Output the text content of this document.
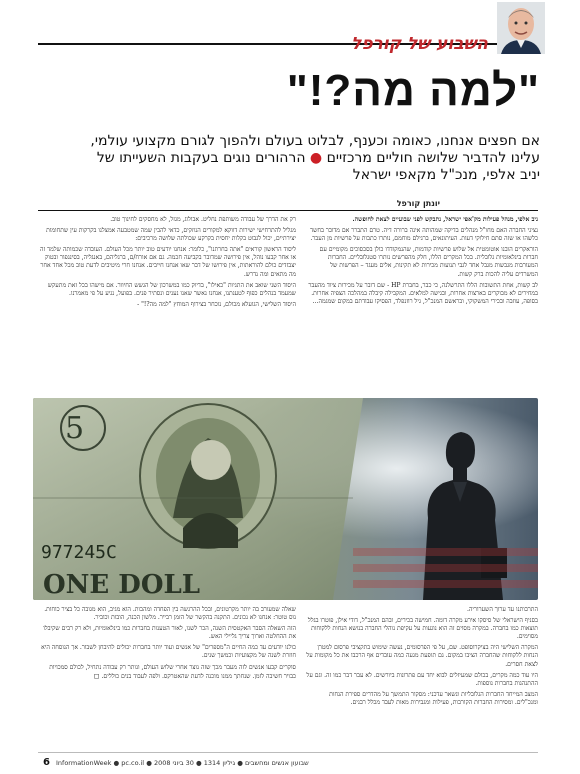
השבוע של קורפל
"למה מה?!"
אם חפצים אנחנו, כאומה וכענף, לבלוט בעולם ולהפוך לגורם מקצועי עולמי,
עלינו להדביר שלושה חוליים מרכזיים ● הרהורים נוגים בעקבות השעייתו של
יניב אלפי, מנכ"ל מקאפי ישראל
יונתן קורפל

ניב אלפי, מנהל פעילות מק'אפי ישראל, נתבקש לפני שבועיים לצאת לחופשה.

נציגי החברה האם מחו"ל מנהלים בדיקה שמהותה אינה ברורה דיה. טרם התברר אם מדובר בחשד כלשהו או שזה סתם חילוקי דעות. העיתונאים, ברגילם מוחמם, נותרו כתבות על פרשיות מן העבר.

הוראקרים הובנו אוטומטית אל שלוש פרשיות קודמות, שהנמקודדו כולן בסכסוכים מקומיים עם חברות בינלאומיות גלובלית. בכל המקרים הללו, חלק מהפרשים נותרו סטגלובליים. החברות המעורבות מגבשות מגבל אחד לגבי תנועות מכירות לא תקינות, אלים מעגד – הפרשות של המשרדים עליה להכות ברק קשות.

לב קשות, אחת התשובות הללו התרשלנה, כי כבר, בחברת HP - שם דובר על מכירות ציוד מהעבר במחירים לא מבוקרים בארצות אחרות, ובגישה למלאים. המקבילה קיבלה במהלכה הצפיה אחרות. בסופה, עוזבה ובכירי המשקוקי, ובראשם המנכ"ל, גיל רוזנפלד, הפסיקו עבודתם במקום שמגמה...

רק את הדרך של עבודה משותפת נחליט. אבולוג, מגזל, לא מחסקים לחינוך טוב.

מגליל להתרחישי ישירות דווקא למקורים הנוזקים, כדאי להבין שמה שמטבעה אמצלנו בקרקות עין שתחומות יצירתיים, יכול לגבוט בקלות יחסית בקרקע שכולתה שלושה מרכיבים:

ליסוד הראשון קוראים "אתה בחרתנו", כלומר: אנחנו יודעים טוב יותר מכל העולם. העובדה שכמותה שלמד זה או אחר קבעו נוהל, אין פירושה שמדובר בקביעה חכמה. גם אם אורח/ם, ברגליהם, באנגליה, בסינגפור ובטוק יצבזדים כולם להוראתות, אין פירושו של דבר שאו אנחנו חייבים. אנחנו חרי מיטיבים לדעת טוב מכל אחד אחר מה מתאים ומה נדרש.

היסוד השני שואב את התגיות "כאילו", בדיוק כמו במשרכון של הגשש החיוור. אם מישהו בכל זאת מתעקש שמעמד בנהלים כפוף לטענתנו, אנחנו נאשר שאנו נענים ונסתיר פנים. בפועל, נגיע על פי מאמרנו.

היסוד השלישי, הגועלא מכולם, נוכחר בצירוף המוחץ "למה מה?!" -

5
977245C
ONE DOLL

התרבותנו עד ערוך השערוריה.

בסניף הישראלי של סיסקו אירע מקרה דומה. חמישה בכירים, ובהם המנכ"ל, דודי אילן, פוטרו בגלל תוצאות כמו בחברה. במקרה מסוים זה הוא נוגעות על עקיפת נוהלי החברה בנושא הנחות ללקוחות מסוימים.

המקרה השלישי היה בציקרוסופט. שם, על פי הפרסומים, נעשה שימוש בתקציבי פרסום למטרן הנחות ללקוחות שהחברה הציבו במקום. גם תופעת מגעה כמה עובדים אף הרכבו את כל מקומות על לצאת חסרים.

היו עוד כמה מקרים, בכולם שמעיזלים לבוא יחד עם פתרונות ביורשים. לא עבר דבר כמו זה. וגם על ההתנהגות בחברות נוספות.

המצב המייחד החברות הגלובליות ונשאר עדכני: מסקור התמשך על מהדרים ספירת הנחות ומנכ"לים. ומסירות החברות הקורבות, פעילות ומגבירות מאות לעבד מכלל רבנים.

שאלה שמעורב בה יותר מקרטונים, ובכל ההרגשה בין הפחדה ומהבות. הוא מגיב, הוא מגובה כל בציר כוחות. נוס טוטר: אנחנו לא נכונים. התקנה בהקשר של הזמן רבייר. מלשון הכנה, הובות וכוביר.

הזה השאלה הסבר האקטסית השנה, הכר לשנו, לאור הטענות בחברות כמו בינלאומיות, ולא רק רבים שקיבלו את ההחלטה וארוך צריך גליילי האש.

כולנו יודעים עד כמה החיים ה"מספרים" של אנשים ועוד יותר בחברות יכולים להיבחן לשבור. אך הנוסחה היא חוזרת לשנה של מקצועיות וכמשך שנים.

סוקרים קבעו אנשים לזה מעבר מכך שזה נוצר אחרי שלוש העולם, ונותר רק עבודה נתחיל, לכולם סמכויות כבויר חשיבה לזמן. שנחתך ממנו מוכנה לדעת שהאטרקס. ולפה לעבוד בנים כוללים. ◻

6 שבועון אנשים ומחשבים ● גיליון 1314 ● 30 ביוני 2008 ● InformationWeek ● pc.co.il
